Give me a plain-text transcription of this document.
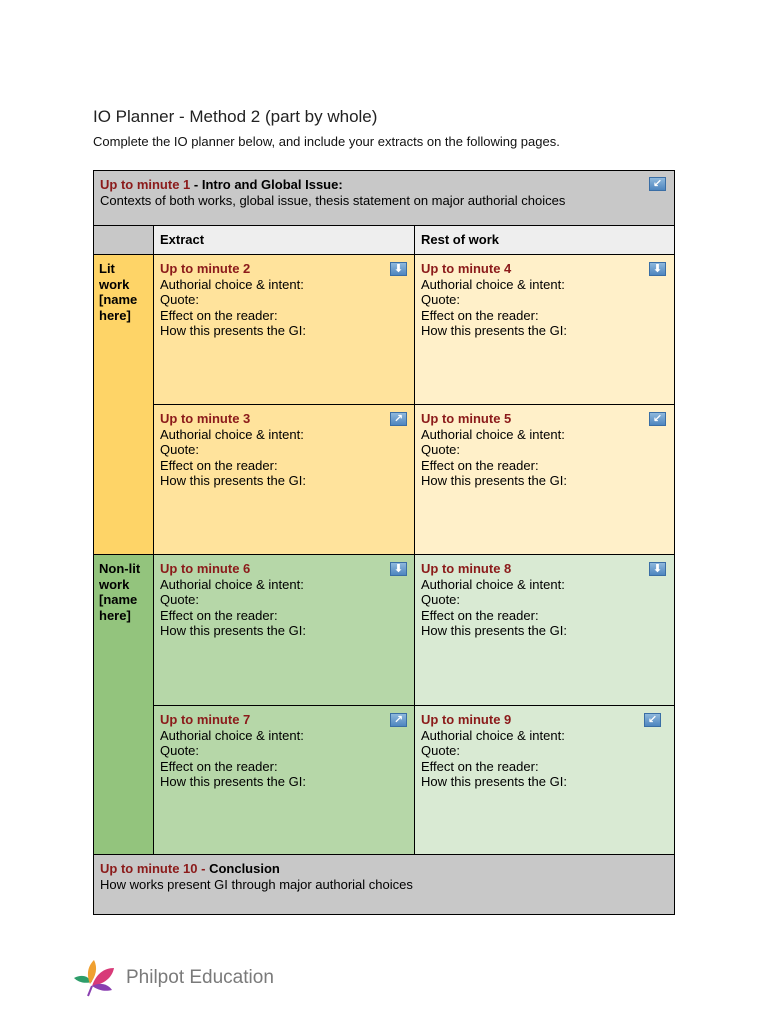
IO Planner - Method 2 (part by whole)
Complete the IO planner below, and include your extracts on the following pages.
Up to minute 1 - Intro and Global Issue:
Contexts of both works, global issue, thesis statement on major authorial choices
↙
Extract	Rest of work
Lit
work
[name
here]
Up to minute 2
Authorial choice & intent:
Quote:
Effect on the reader:
How this presents the GI:
⬇ Up to minute 4
Authorial choice & intent:
Quote:
Effect on the reader:
How this presents the GI:
⬇
Up to minute 3
Authorial choice & intent:
Quote:
Effect on the reader:
How this presents the GI:
↗ Up to minute 5
Authorial choice & intent:
Quote:
Effect on the reader:
How this presents the GI:
↙
Non-lit
work
[name
here]
Up to minute 6
Authorial choice & intent:
Quote:
Effect on the reader:
How this presents the GI:
⬇ Up to minute 8
Authorial choice & intent:
Quote:
Effect on the reader:
How this presents the GI:
⬇
Up to minute 7
Authorial choice & intent:
Quote:
Effect on the reader:
How this presents the GI:
↗ Up to minute 9
Authorial choice & intent:
Quote:
Effect on the reader:
How this presents the GI:
↙
Up to minute 10 - Conclusion
How works present GI through major authorial choices
Philpot Education
